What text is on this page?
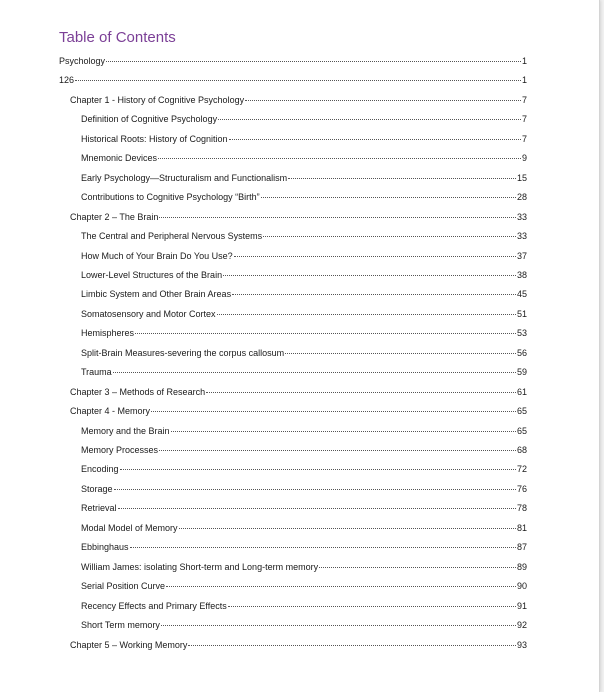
Table of Contents
Psychology	1
126	1
Chapter 1 - History of Cognitive Psychology	7
Definition of Cognitive Psychology	7
Historical Roots: History of Cognition	7
Mnemonic Devices	9
Early Psychology—Structuralism and Functionalism	15
Contributions to Cognitive Psychology “Birth”	28
Chapter 2 – The Brain	33
The Central and Peripheral Nervous Systems	33
How Much of Your Brain Do You Use?	37
Lower-Level Structures of the Brain	38
Limbic System and Other Brain Areas	45
Somatosensory and Motor Cortex	51
Hemispheres	53
Split-Brain Measures-severing the corpus callosum	56
Trauma	59
Chapter 3 – Methods of Research	61
Chapter 4 - Memory	65
Memory and the Brain	65
Memory Processes	68
Encoding	72
Storage	76
Retrieval	78
Modal Model of Memory	81
Ebbinghaus	87
William James: isolating Short-term and Long-term memory	89
Serial Position Curve	90
Recency Effects and Primary Effects	91
Short Term memory	92
Chapter 5 – Working Memory	93
